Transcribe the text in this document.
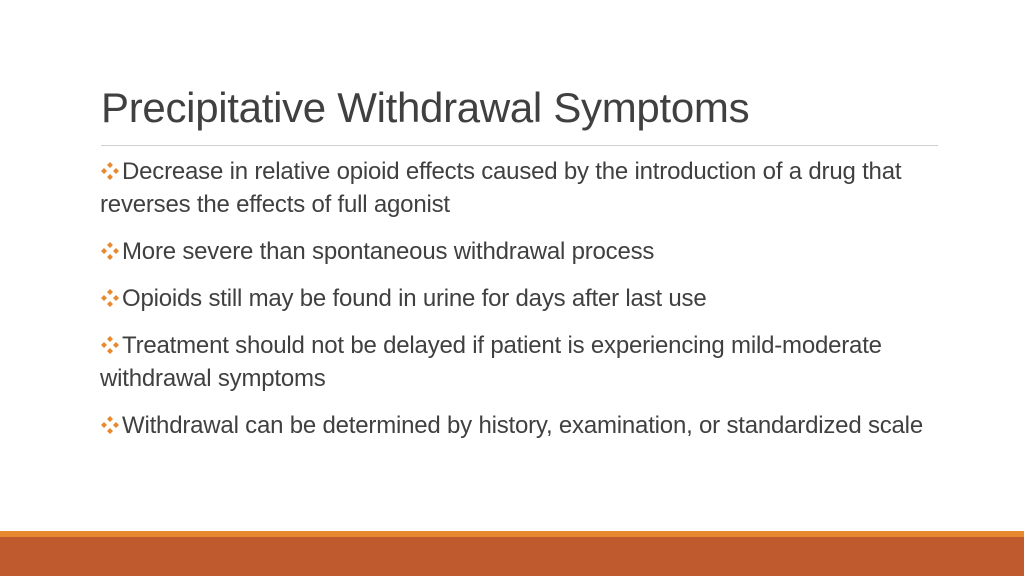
Precipitative Withdrawal Symptoms
Decrease in relative opioid effects caused by the introduction of a drug that reverses the effects of full agonist
More severe than spontaneous withdrawal process
Opioids still may be found in urine for days after last use
Treatment should not be delayed if patient is experiencing mild-moderate withdrawal symptoms
Withdrawal can be determined by history, examination, or standardized scale
